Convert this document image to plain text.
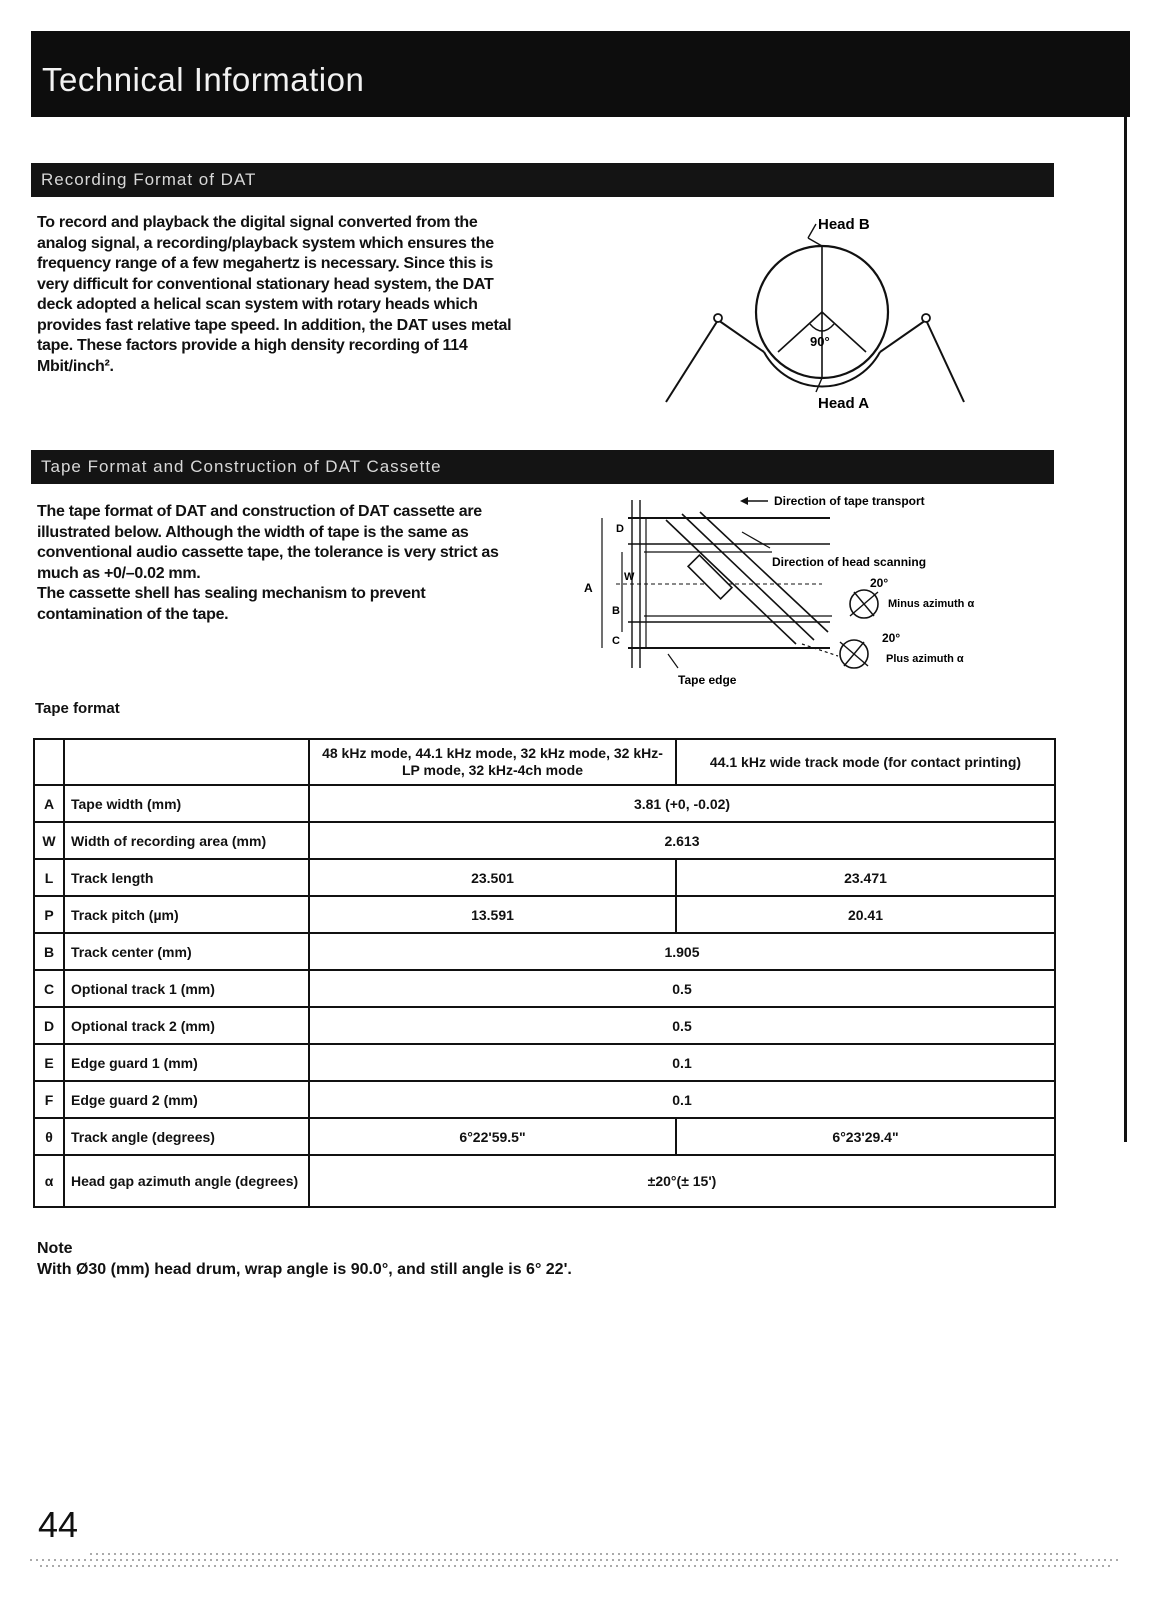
Technical Information
Recording Format of DAT

To record and playback the digital signal converted from the analog signal, a recording/playback system which ensures the frequency range of a few megahertz is necessary. Since this is very difficult for conventional stationary head system, the DAT deck adopted a helical scan system with rotary heads which provides fast relative tape speed. In addition, the DAT uses metal tape. These factors provide a high density recording of 114 Mbit/inch².

Head B
Head A
90°
Tape Format and Construction of DAT Cassette

The tape format of DAT and construction of DAT cassette are illustrated below. Although the width of tape is the same as conventional audio cassette tape, the tolerance is very strict as much as +0/–0.02 mm.
The cassette shell has sealing mechanism to prevent contamination of the tape.

D
A
W
B
C
Direction of tape transport
Direction of head scanning
20°
Minus azimuth α
20°
Plus azimuth α
Tape edge
Tape format
		48 kHz mode, 44.1 kHz mode, 32 kHz mode, 32 kHz-LP mode, 32 kHz-4ch mode	44.1 kHz wide track mode (for contact printing)
A	Tape width (mm)	3.81 (+0, -0.02)	
W	Width of recording area (mm)	2.613	
L	Track length	23.501	23.471
P	Track pitch (µm)	13.591	20.41
B	Track center (mm)	1.905	
C	Optional track 1 (mm)	0.5	
D	Optional track 2 (mm)	0.5	
E	Edge guard 1 (mm)	0.1	
F	Edge guard 2 (mm)	0.1	
θ	Track angle (degrees)	6°22'59.5"	6°23'29.4"
α	Head gap azimuth angle (degrees)	±20°(± 15')	
Note
With Ø30 (mm) head drum, wrap angle is 90.0°, and still angle is 6° 22'.
44
